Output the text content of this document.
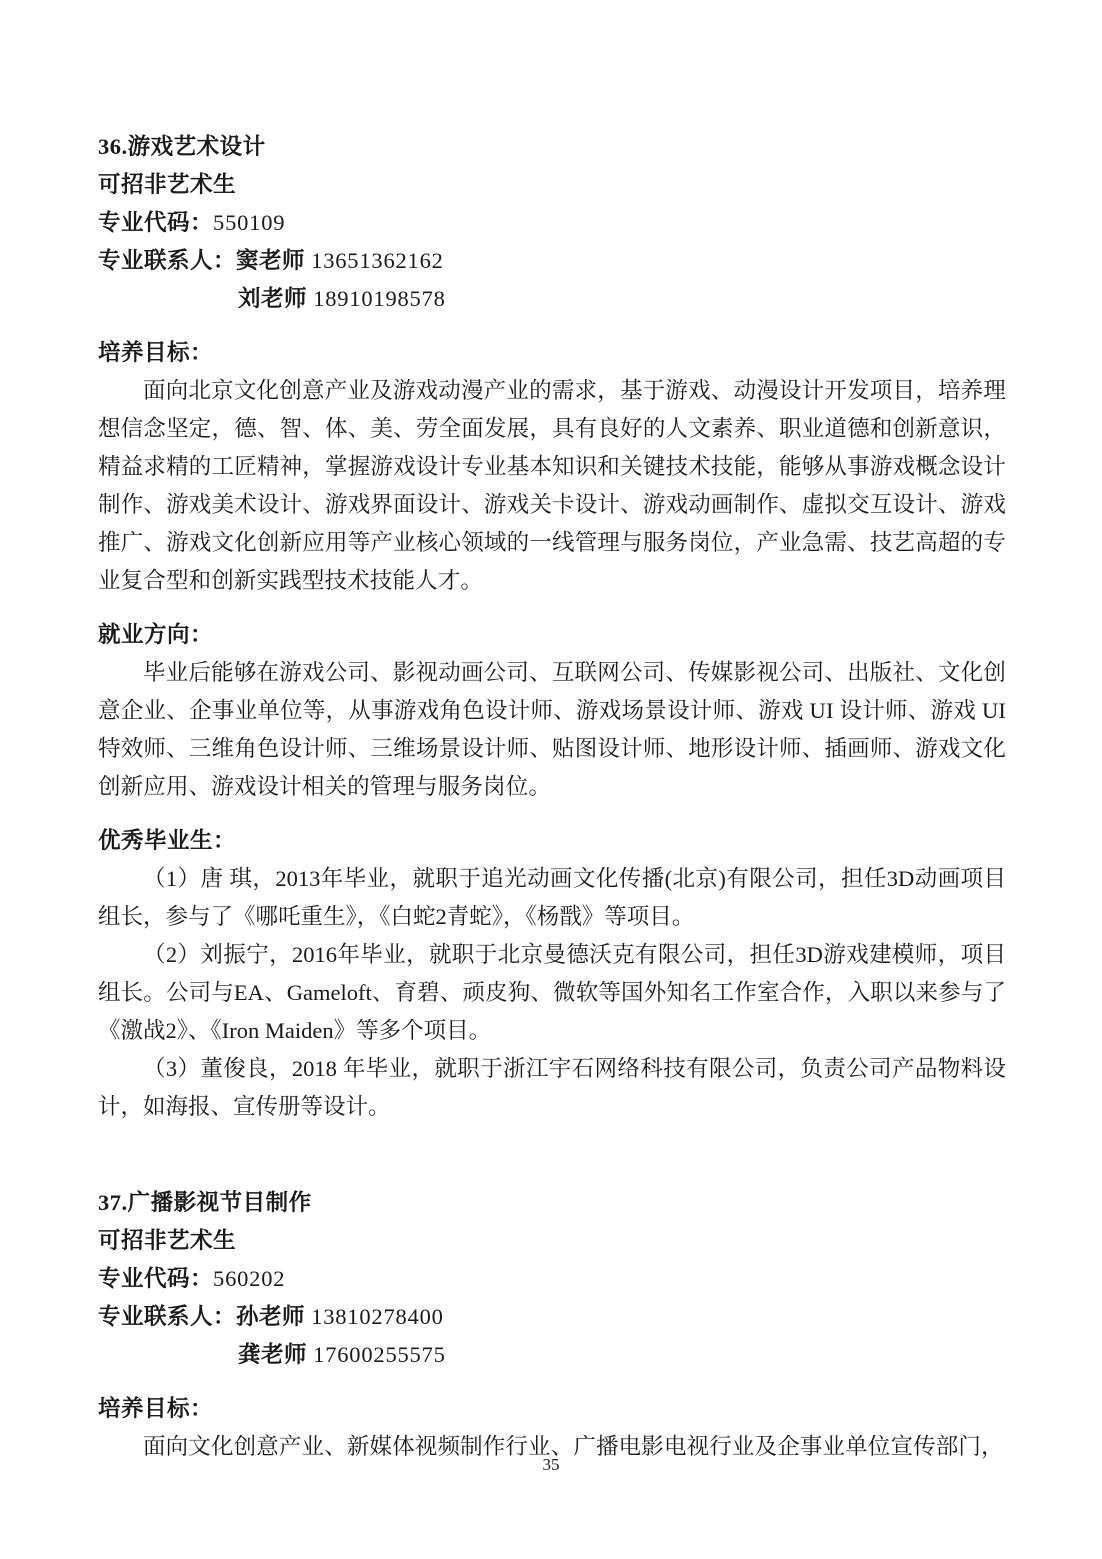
36.游戏艺术设计
可招非艺术生
专业代码：550109
专业联系人：窦老师 13651362162
刘老师 18910198578
培养目标：

面向北京文化创意产业及游戏动漫产业的需求，基于游戏、动漫设计开发项目，培养理想信念坚定，德、智、体、美、劳全面发展，具有良好的人文素养、职业道德和创新意识，精益求精的工匠精神，掌握游戏设计专业基本知识和关键技术技能，能够从事游戏概念设计制作、游戏美术设计、游戏界面设计、游戏关卡设计、游戏动画制作、虚拟交互设计、游戏推广、游戏文化创新应用等产业核心领域的一线管理与服务岗位，产业急需、技艺高超的专业复合型和创新实践型技术技能人才。

就业方向：

毕业后能够在游戏公司、影视动画公司、互联网公司、传媒影视公司、出版社、文化创意企业、企事业单位等，从事游戏角色设计师、游戏场景设计师、游戏 UI 设计师、游戏 UI 特效师、三维角色设计师、三维场景设计师、贴图设计师、地形设计师、插画师、游戏文化创新应用、游戏设计相关的管理与服务岗位。

优秀毕业生：

（1）唐 琪，2013年毕业，就职于追光动画文化传播(北京)有限公司，担任3D动画项目组长，参与了《哪吒重生》，《白蛇2青蛇》，《杨戬》等项目。

（2）刘振宁，2016年毕业，就职于北京曼德沃克有限公司，担任3D游戏建模师，项目组长。公司与EA、Gameloft、育碧、顽皮狗、微软等国外知名工作室合作，入职以来参与了《激战2》、《Iron Maiden》等多个项目。

（3）董俊良，2018 年毕业，就职于浙江宇石网络科技有限公司，负责公司产品物料设计，如海报、宣传册等设计。

37.广播影视节目制作
可招非艺术生
专业代码：560202
专业联系人：孙老师 13810278400
龚老师 17600255575
培养目标：

面向文化创意产业、新媒体视频制作行业、广播电影电视行业及企事业单位宣传部门，

35
